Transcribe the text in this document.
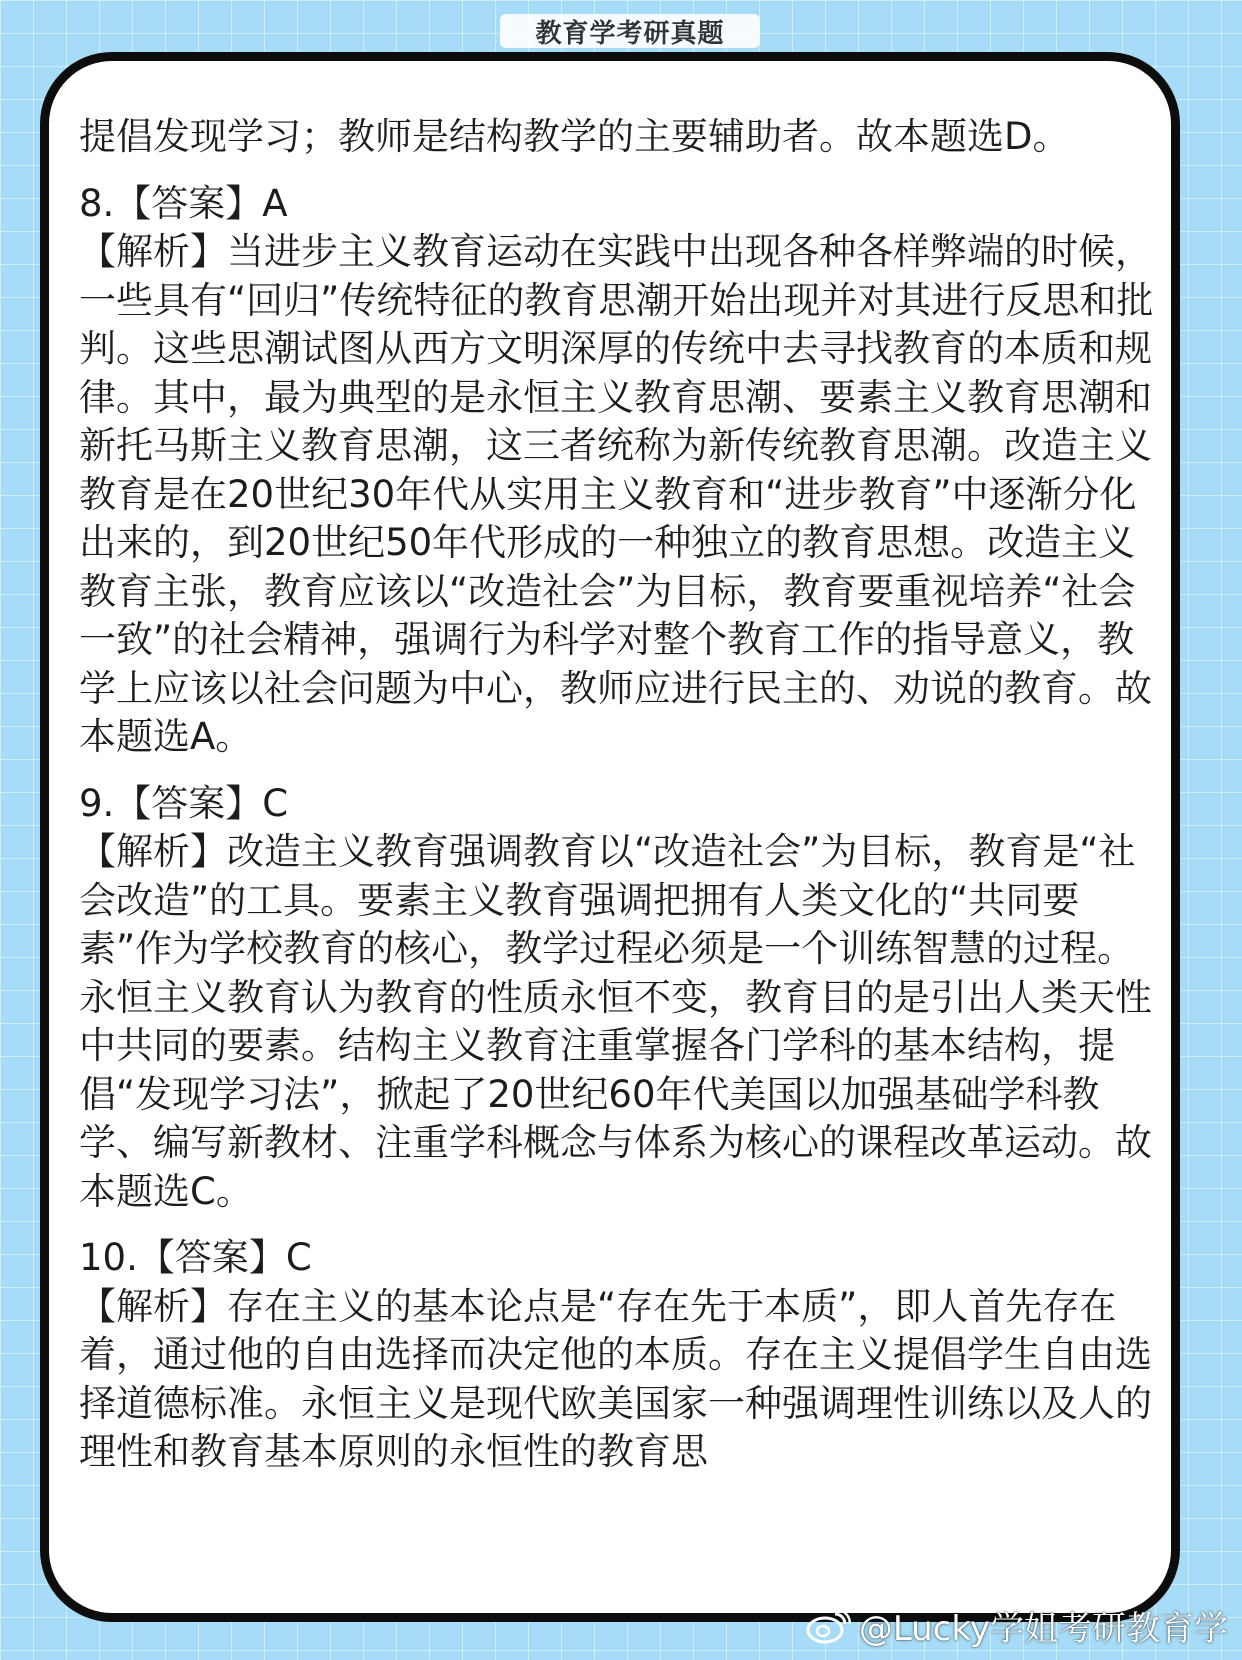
教育学考研真题

提倡发现学习；教师是结构教学的主要辅助者。故本题选D。

8.【答案】A

【解析】当进步主义教育运动在实践中出现各种各样弊端的时候，一些具有“回归”传统特征的教育思潮开始出现并对其进行反思和批判。这些思潮试图从西方文明深厚的传统中去寻找教育的本质和规律。其中，最为典型的是永恒主义教育思潮、要素主义教育思潮和新托马斯主义教育思潮，这三者统称为新传统教育思潮。改造主义教育是在20世纪30年代从实用主义教育和“进步教育”中逐渐分化出来的，到20世纪50年代形成的一种独立的教育思想。改造主义教育主张，教育应该以“改造社会”为目标，教育要重视培养“社会一致”的社会精神，强调行为科学对整个教育工作的指导意义，教学上应该以社会问题为中心，教师应进行民主的、劝说的教育。故本题选A。

9.【答案】C

【解析】改造主义教育强调教育以“改造社会”为目标，教育是“社会改造”的工具。要素主义教育强调把拥有人类文化的“共同要素”作为学校教育的核心，教学过程必须是一个训练智慧的过程。永恒主义教育认为教育的性质永恒不变，教育目的是引出人类天性中共同的要素。结构主义教育注重掌握各门学科的基本结构，提倡“发现学习法”，掀起了20世纪60年代美国以加强基础学科教学、编写新教材、注重学科概念与体系为核心的课程改革运动。故本题选C。

10.【答案】C

【解析】存在主义的基本论点是“存在先于本质”，即人首先存在着，通过他的自由选择而决定他的本质。存在主义提倡学生自由选择道德标准。永恒主义是现代欧美国家一种强调理性训练以及人的理性和教育基本原则的永恒性的教育思

@Lucky学姐考研教育学
